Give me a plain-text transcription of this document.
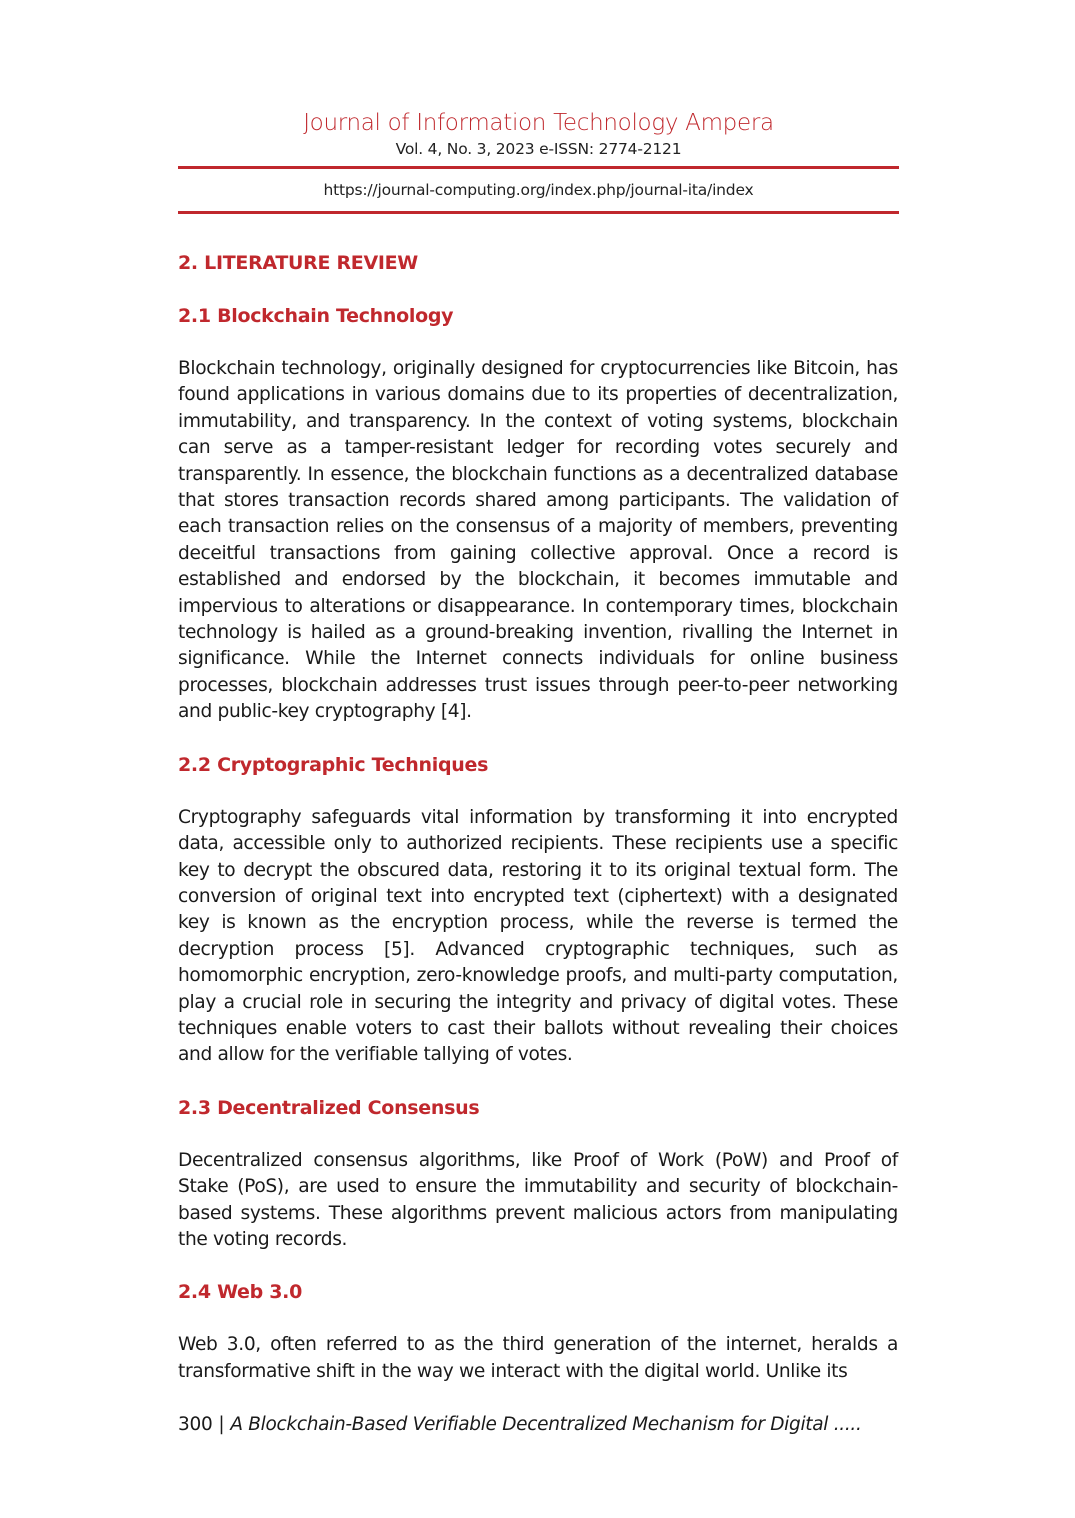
Journal of Information Technology Ampera
Vol. 4, No. 3, 2023 e-ISSN: 2774-2121
https://journal-computing.org/index.php/journal-ita/index
2. LITERATURE REVIEW
2.1 Blockchain Technology

Blockchain technology, originally designed for cryptocurrencies like Bitcoin, has found applications in various domains due to its properties of decentralization, immutability, and transparency. In the context of voting systems, blockchain can serve as a tamper-resistant ledger for recording votes securely and transparently. In essence, the blockchain functions as a decentralized database that stores transaction records shared among participants. The validation of each transaction relies on the consensus of a majority of members, preventing deceitful transactions from gaining collective approval. Once a record is established and endorsed by the blockchain, it becomes immutable and impervious to alterations or disappearance. In contemporary times, blockchain technology is hailed as a ground-breaking invention, rivalling the Internet in significance. While the Internet connects individuals for online business processes, blockchain addresses trust issues through peer-to-peer networking and public-key cryptography [4].

2.2 Cryptographic Techniques

Cryptography safeguards vital information by transforming it into encrypted data, accessible only to authorized recipients. These recipients use a specific key to decrypt the obscured data, restoring it to its original textual form. The conversion of original text into encrypted text (ciphertext) with a designated key is known as the encryption process, while the reverse is termed the decryption process [5]. Advanced cryptographic techniques, such as homomorphic encryption, zero-knowledge proofs, and multi-party computation, play a crucial role in securing the integrity and privacy of digital votes. These techniques enable voters to cast their ballots without revealing their choices and allow for the verifiable tallying of votes.

2.3 Decentralized Consensus

Decentralized consensus algorithms, like Proof of Work (PoW) and Proof of Stake (PoS), are used to ensure the immutability and security of blockchain-based systems. These algorithms prevent malicious actors from manipulating the voting records.

2.4 Web 3.0

Web 3.0, often referred to as the third generation of the internet, heralds a transformative shift in the way we interact with the digital world. Unlike its

300 | A Blockchain-Based Verifiable Decentralized Mechanism for Digital .....
